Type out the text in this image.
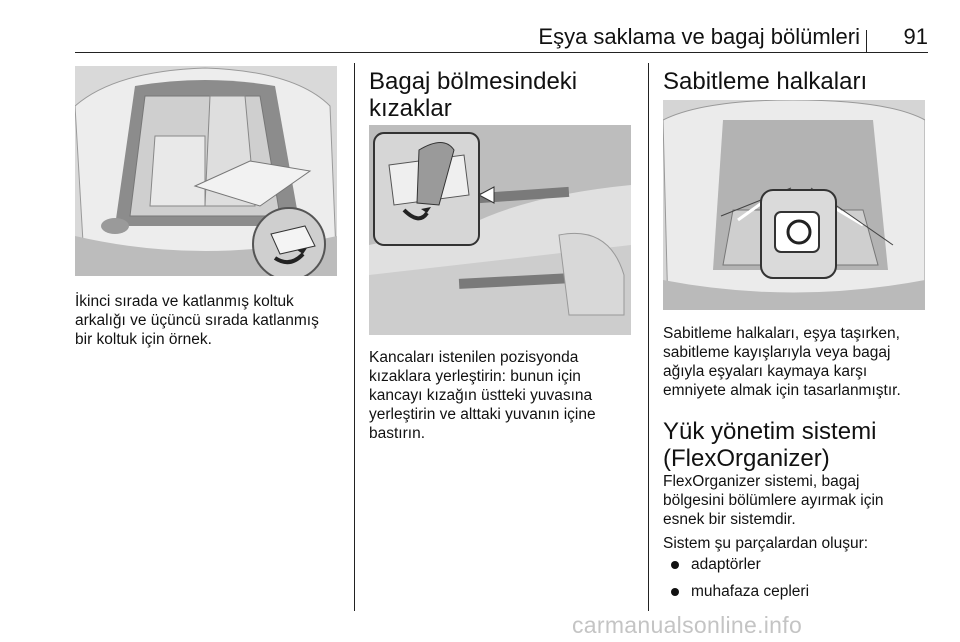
Eşya saklama ve bagaj bölümleri	91
İkinci sırada ve katlanmış koltuk
arkalığı ve üçüncü sırada katlanmış
bir koltuk için örnek.
Bagaj bölmesindeki kızaklar

Kancaları istenilen pozisyonda
kızaklara yerleştirin: bunun için
kancayı kızağın üstteki yuvasına
yerleştirin ve alttaki yuvanın içine
bastırın.
Sabitleme halkaları
Sabitleme halkaları, eşya taşırken,
sabitleme kayışlarıyla veya bagaj
ağıyla eşyaları kaymaya karşı
emniyete almak için tasarlanmıştır.
Yük yönetim sistemi
(FlexOrganizer)
FlexOrganizer sistemi, bagaj
bölgesini bölümlere ayırmak için
esnek bir sistemdir.
Sistem şu parçalardan oluşur:
adaptörler
muhafaza cepleri
carmanualsonline.info
